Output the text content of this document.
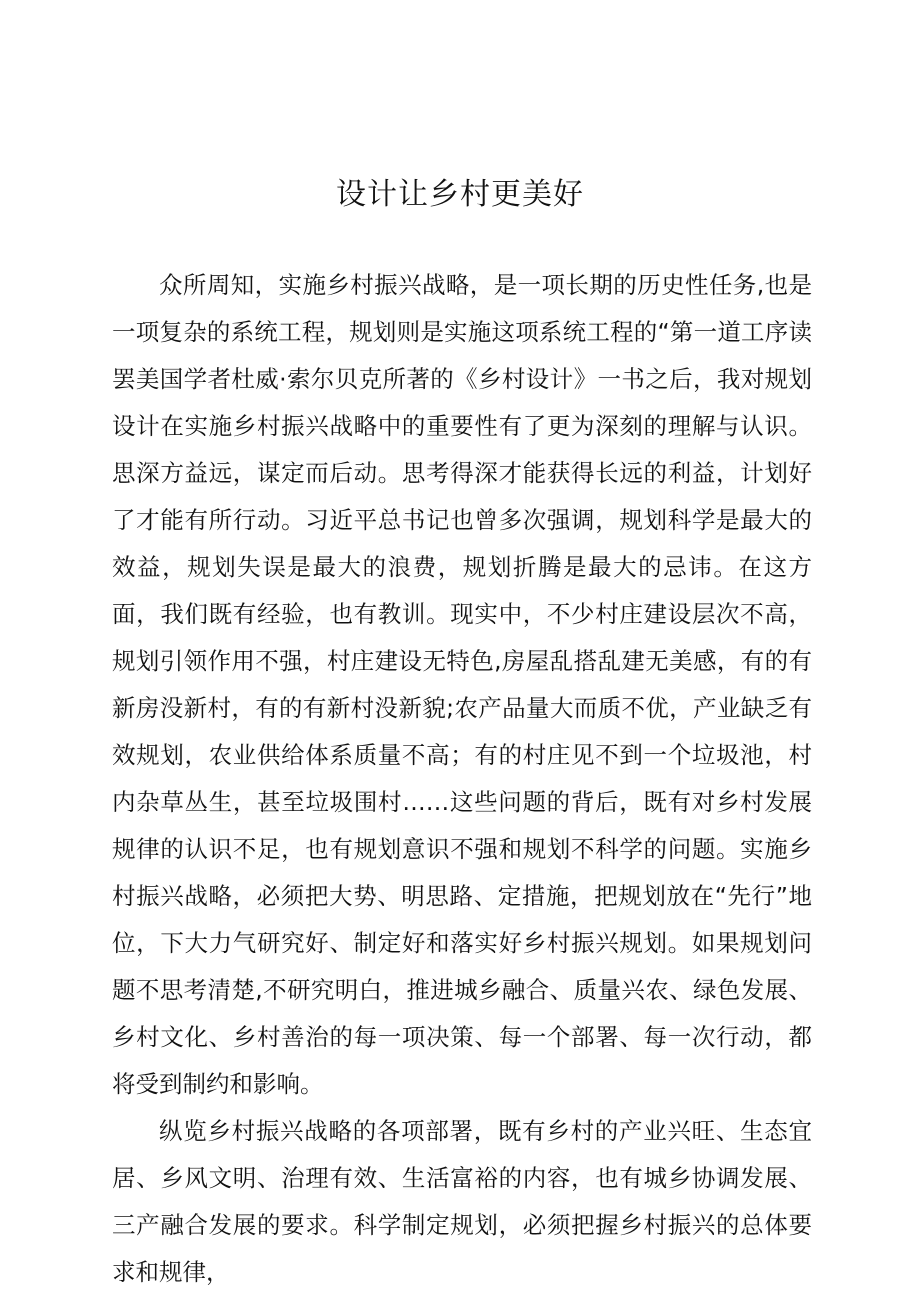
设计让乡村更美好

众所周知，实施乡村振兴战略，是一项长期的历史性任务,也是一项复杂的系统工程，规划则是实施这项系统工程的“第一道工序读罢美国学者杜威·索尔贝克所著的《乡村设计》一书之后，我对规划设计在实施乡村振兴战略中的重要性有了更为深刻的理解与认识。思深方益远，谋定而后动。思考得深才能获得长远的利益，计划好了才能有所行动。习近平总书记也曾多次强调，规划科学是最大的效益，规划失误是最大的浪费，规划折腾是最大的忌讳。在这方面，我们既有经验，也有教训。现实中，不少村庄建设层次不高，规划引领作用不强，村庄建设无特色,房屋乱搭乱建无美感，有的有新房没新村，有的有新村没新貌;农产品量大而质不优，产业缺乏有效规划，农业供给体系质量不高；有的村庄见不到一个垃圾池，村内杂草丛生，甚至垃圾围村……这些问题的背后，既有对乡村发展规律的认识不足，也有规划意识不强和规划不科学的问题。实施乡村振兴战略，必须把大势、明思路、定措施，把规划放在“先行”地位，下大力气研究好、制定好和落实好乡村振兴规划。如果规划问题不思考清楚,不研究明白，推进城乡融合、质量兴农、绿色发展、乡村文化、乡村善治的每一项决策、每一个部署、每一次行动，都将受到制约和影响。

纵览乡村振兴战略的各项部署，既有乡村的产业兴旺、生态宜居、乡风文明、治理有效、生活富裕的内容，也有城乡协调发展、三产融合发展的要求。科学制定规划，必须把握乡村振兴的总体要求和规律，
